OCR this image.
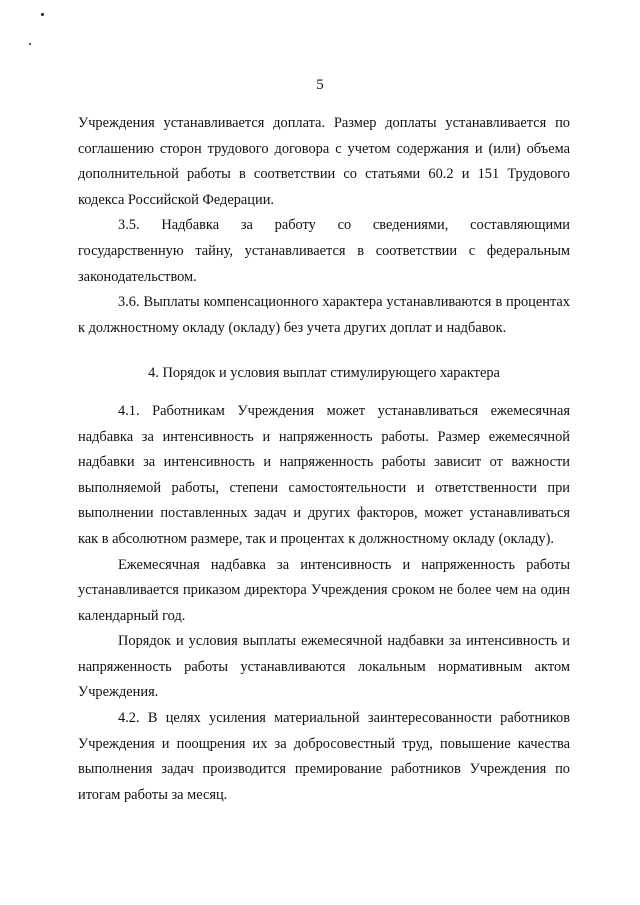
5

Учреждения устанавливается доплата. Размер доплаты устанавливается по соглашению сторон трудового договора с учетом содержания и (или) объема дополнительной работы в соответствии со статьями 60.2 и 151 Трудового кодекса Российской Федерации.

3.5. Надбавка за работу со сведениями, составляющими государственную тайну, устанавливается в соответствии с федеральным законодательством.

3.6. Выплаты компенсационного характера устанавливаются в процентах к должностному окладу (окладу) без учета других доплат и надбавок.

4. Порядок и условия выплат стимулирующего характера

4.1. Работникам Учреждения может устанавливаться ежемесячная надбавка за интенсивность и напряженность работы. Размер ежемесячной надбавки за интенсивность и напряженность работы зависит от важности выполняемой работы, степени самостоятельности и ответственности при выполнении поставленных задач и других факторов, может устанавливаться как в абсолютном размере, так и процентах к должностному окладу (окладу).

Ежемесячная надбавка за интенсивность и напряженность работы устанавливается приказом директора Учреждения сроком не более чем на один календарный год.

Порядок и условия выплаты ежемесячной надбавки за интенсивность и напряженность работы устанавливаются локальным нормативным актом Учреждения.

4.2. В целях усиления материальной заинтересованности работников Учреждения и поощрения их за добросовестный труд, повышение качества выполнения задач производится премирование работников Учреждения по итогам работы за месяц.
